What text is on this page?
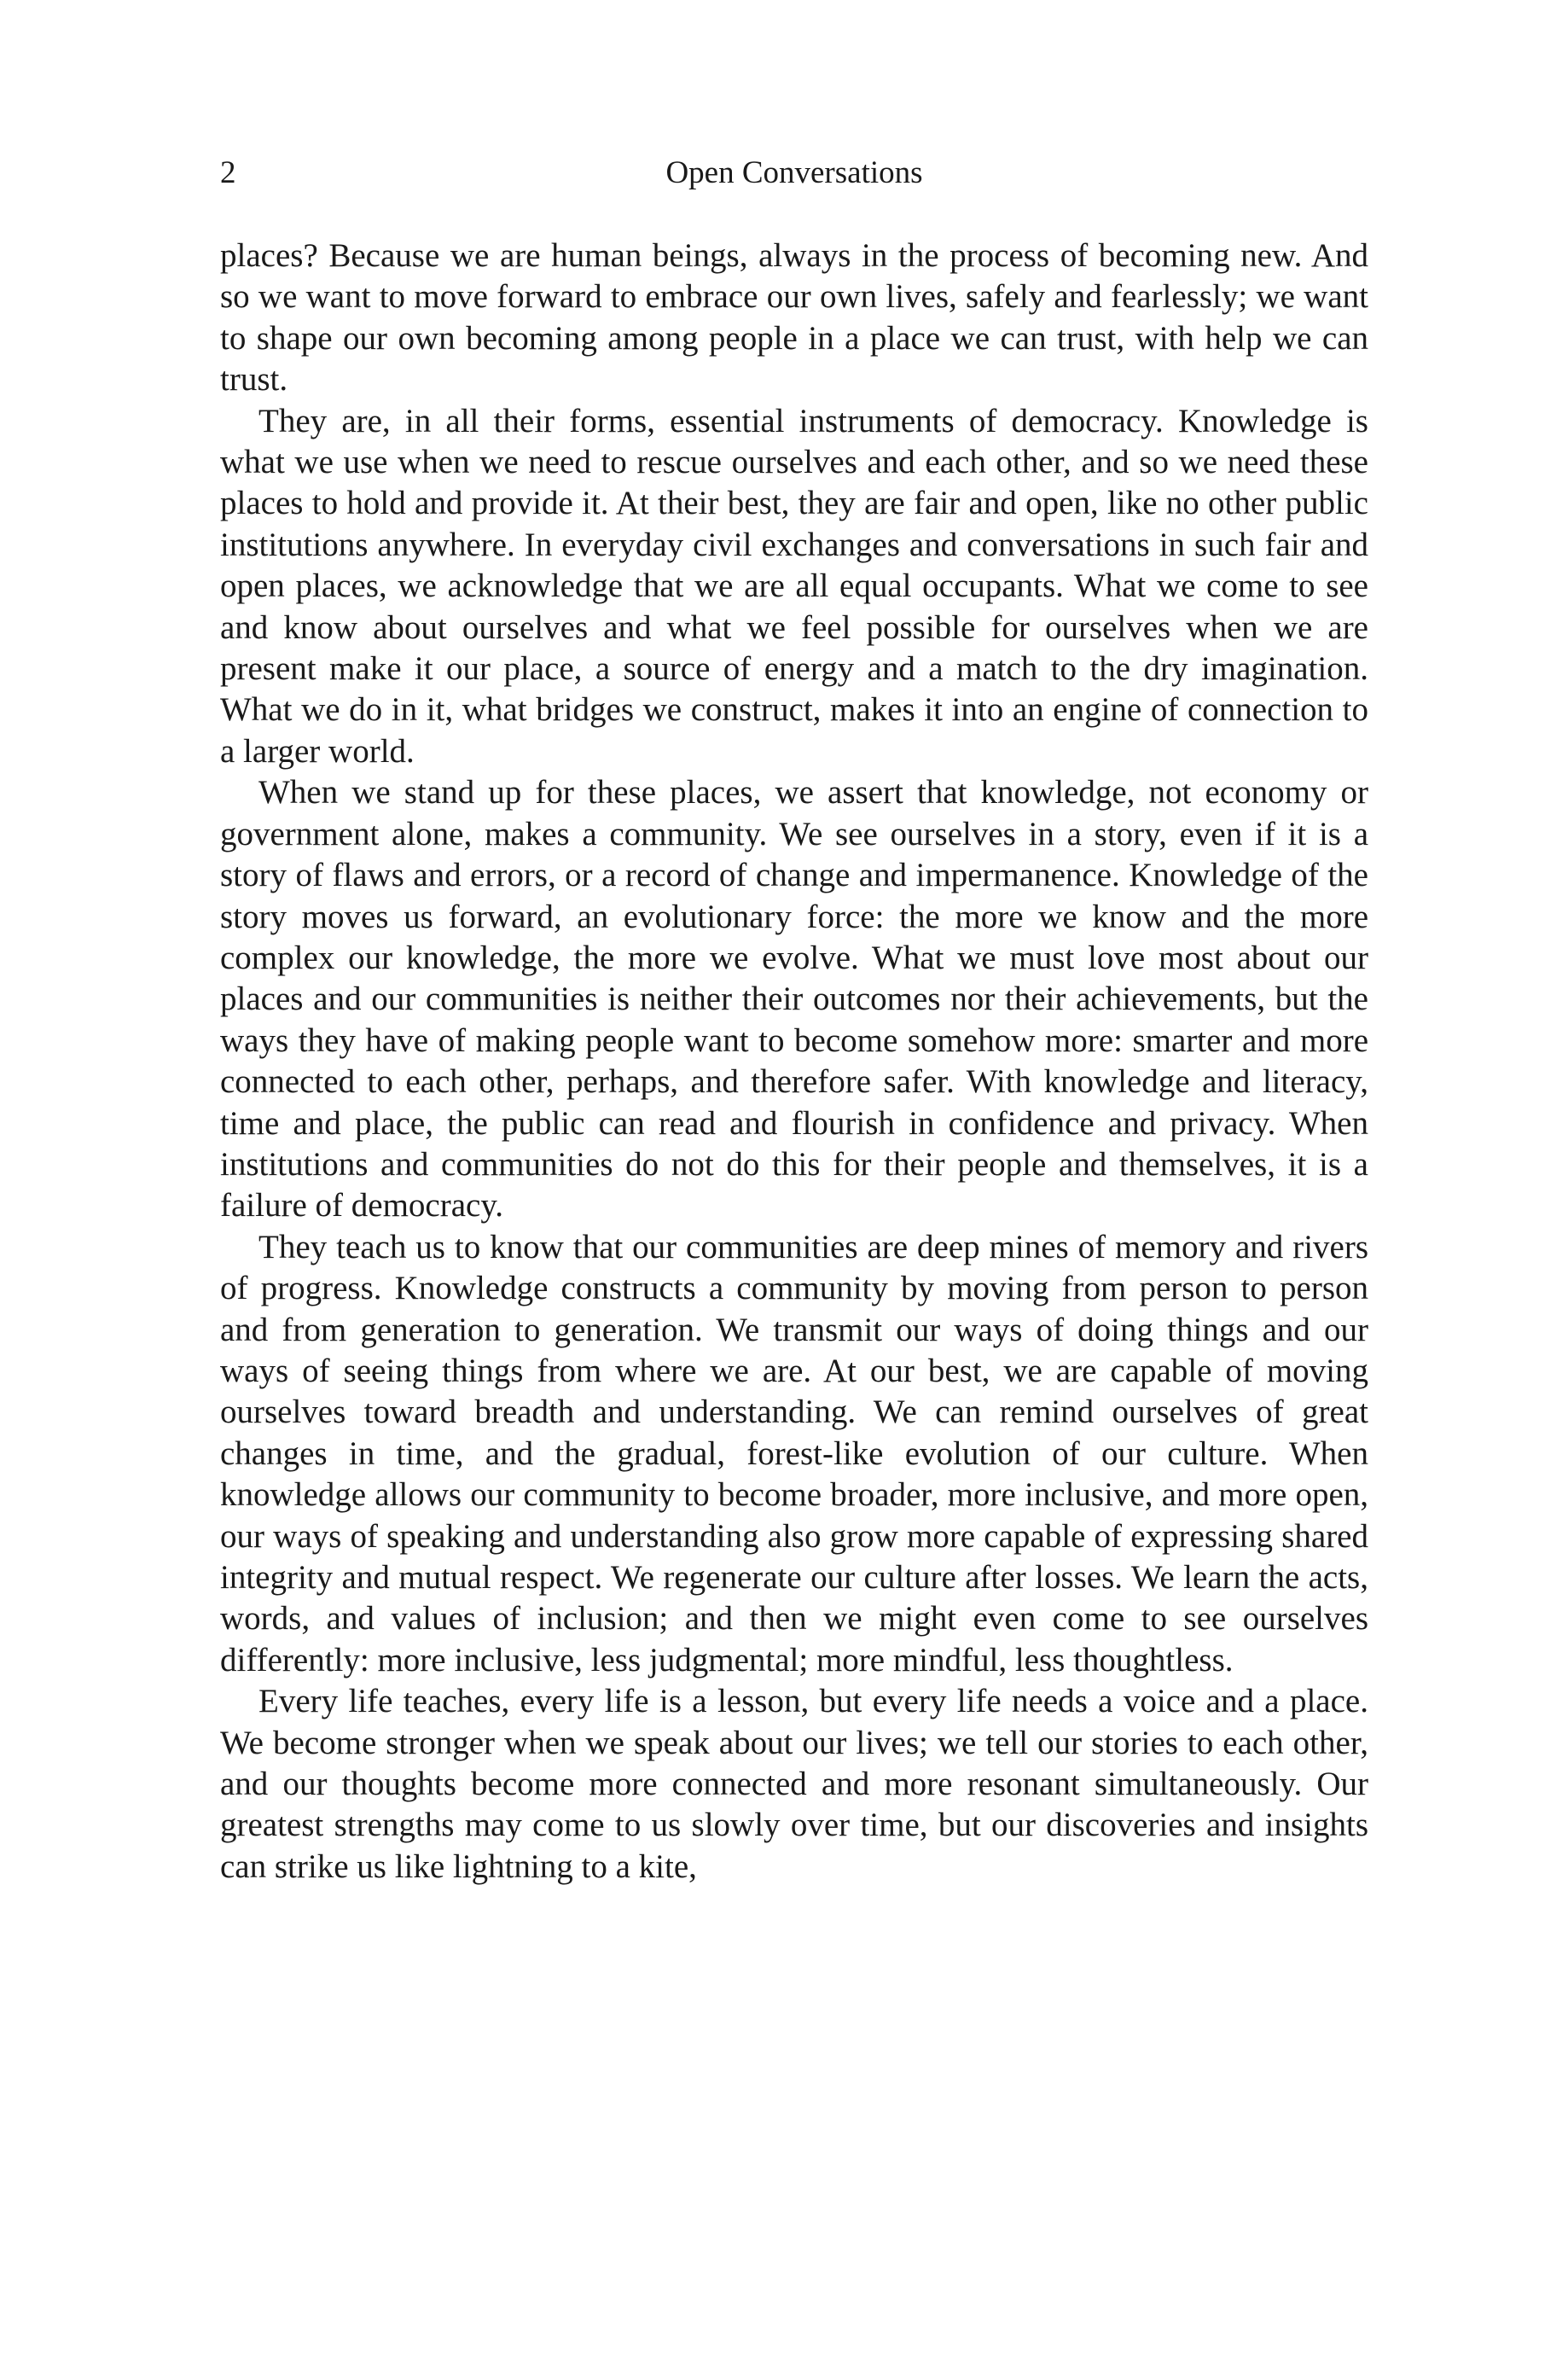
2	Open Conversations

places? Because we are human beings, always in the process of becoming new. And so we want to move forward to embrace our own lives, safely and fearlessly; we want to shape our own becoming among people in a place we can trust, with help we can trust.

They are, in all their forms, essential instruments of democracy. Knowledge is what we use when we need to rescue ourselves and each other, and so we need these places to hold and provide it. At their best, they are fair and open, like no other public institutions anywhere. In everyday civil exchanges and conversations in such fair and open places, we acknowledge that we are all equal occupants. What we come to see and know about ourselves and what we feel possible for ourselves when we are present make it our place, a source of energy and a match to the dry imagination. What we do in it, what bridges we construct, makes it into an engine of connection to a larger world.

When we stand up for these places, we assert that knowledge, not economy or government alone, makes a community. We see ourselves in a story, even if it is a story of flaws and errors, or a record of change and impermanence. Knowledge of the story moves us forward, an evolutionary force: the more we know and the more complex our knowledge, the more we evolve. What we must love most about our places and our communities is neither their outcomes nor their achievements, but the ways they have of making people want to become somehow more: smarter and more connected to each other, perhaps, and therefore safer. With knowledge and literacy, time and place, the public can read and flourish in confidence and privacy. When institutions and communities do not do this for their people and themselves, it is a failure of democracy.

They teach us to know that our communities are deep mines of memory and rivers of progress. Knowledge constructs a community by moving from person to person and from generation to generation. We transmit our ways of doing things and our ways of seeing things from where we are. At our best, we are capable of moving ourselves toward breadth and understanding. We can remind ourselves of great changes in time, and the gradual, forest-like evolution of our culture. When knowledge allows our community to become broader, more inclusive, and more open, our ways of speaking and understanding also grow more capable of expressing shared integrity and mutual respect. We regenerate our culture after losses. We learn the acts, words, and values of inclusion; and then we might even come to see ourselves differently: more inclusive, less judgmental; more mindful, less thoughtless.

Every life teaches, every life is a lesson, but every life needs a voice and a place. We become stronger when we speak about our lives; we tell our stories to each other, and our thoughts become more connected and more resonant simultaneously. Our greatest strengths may come to us slowly over time, but our discoveries and insights can strike us like lightning to a kite,
